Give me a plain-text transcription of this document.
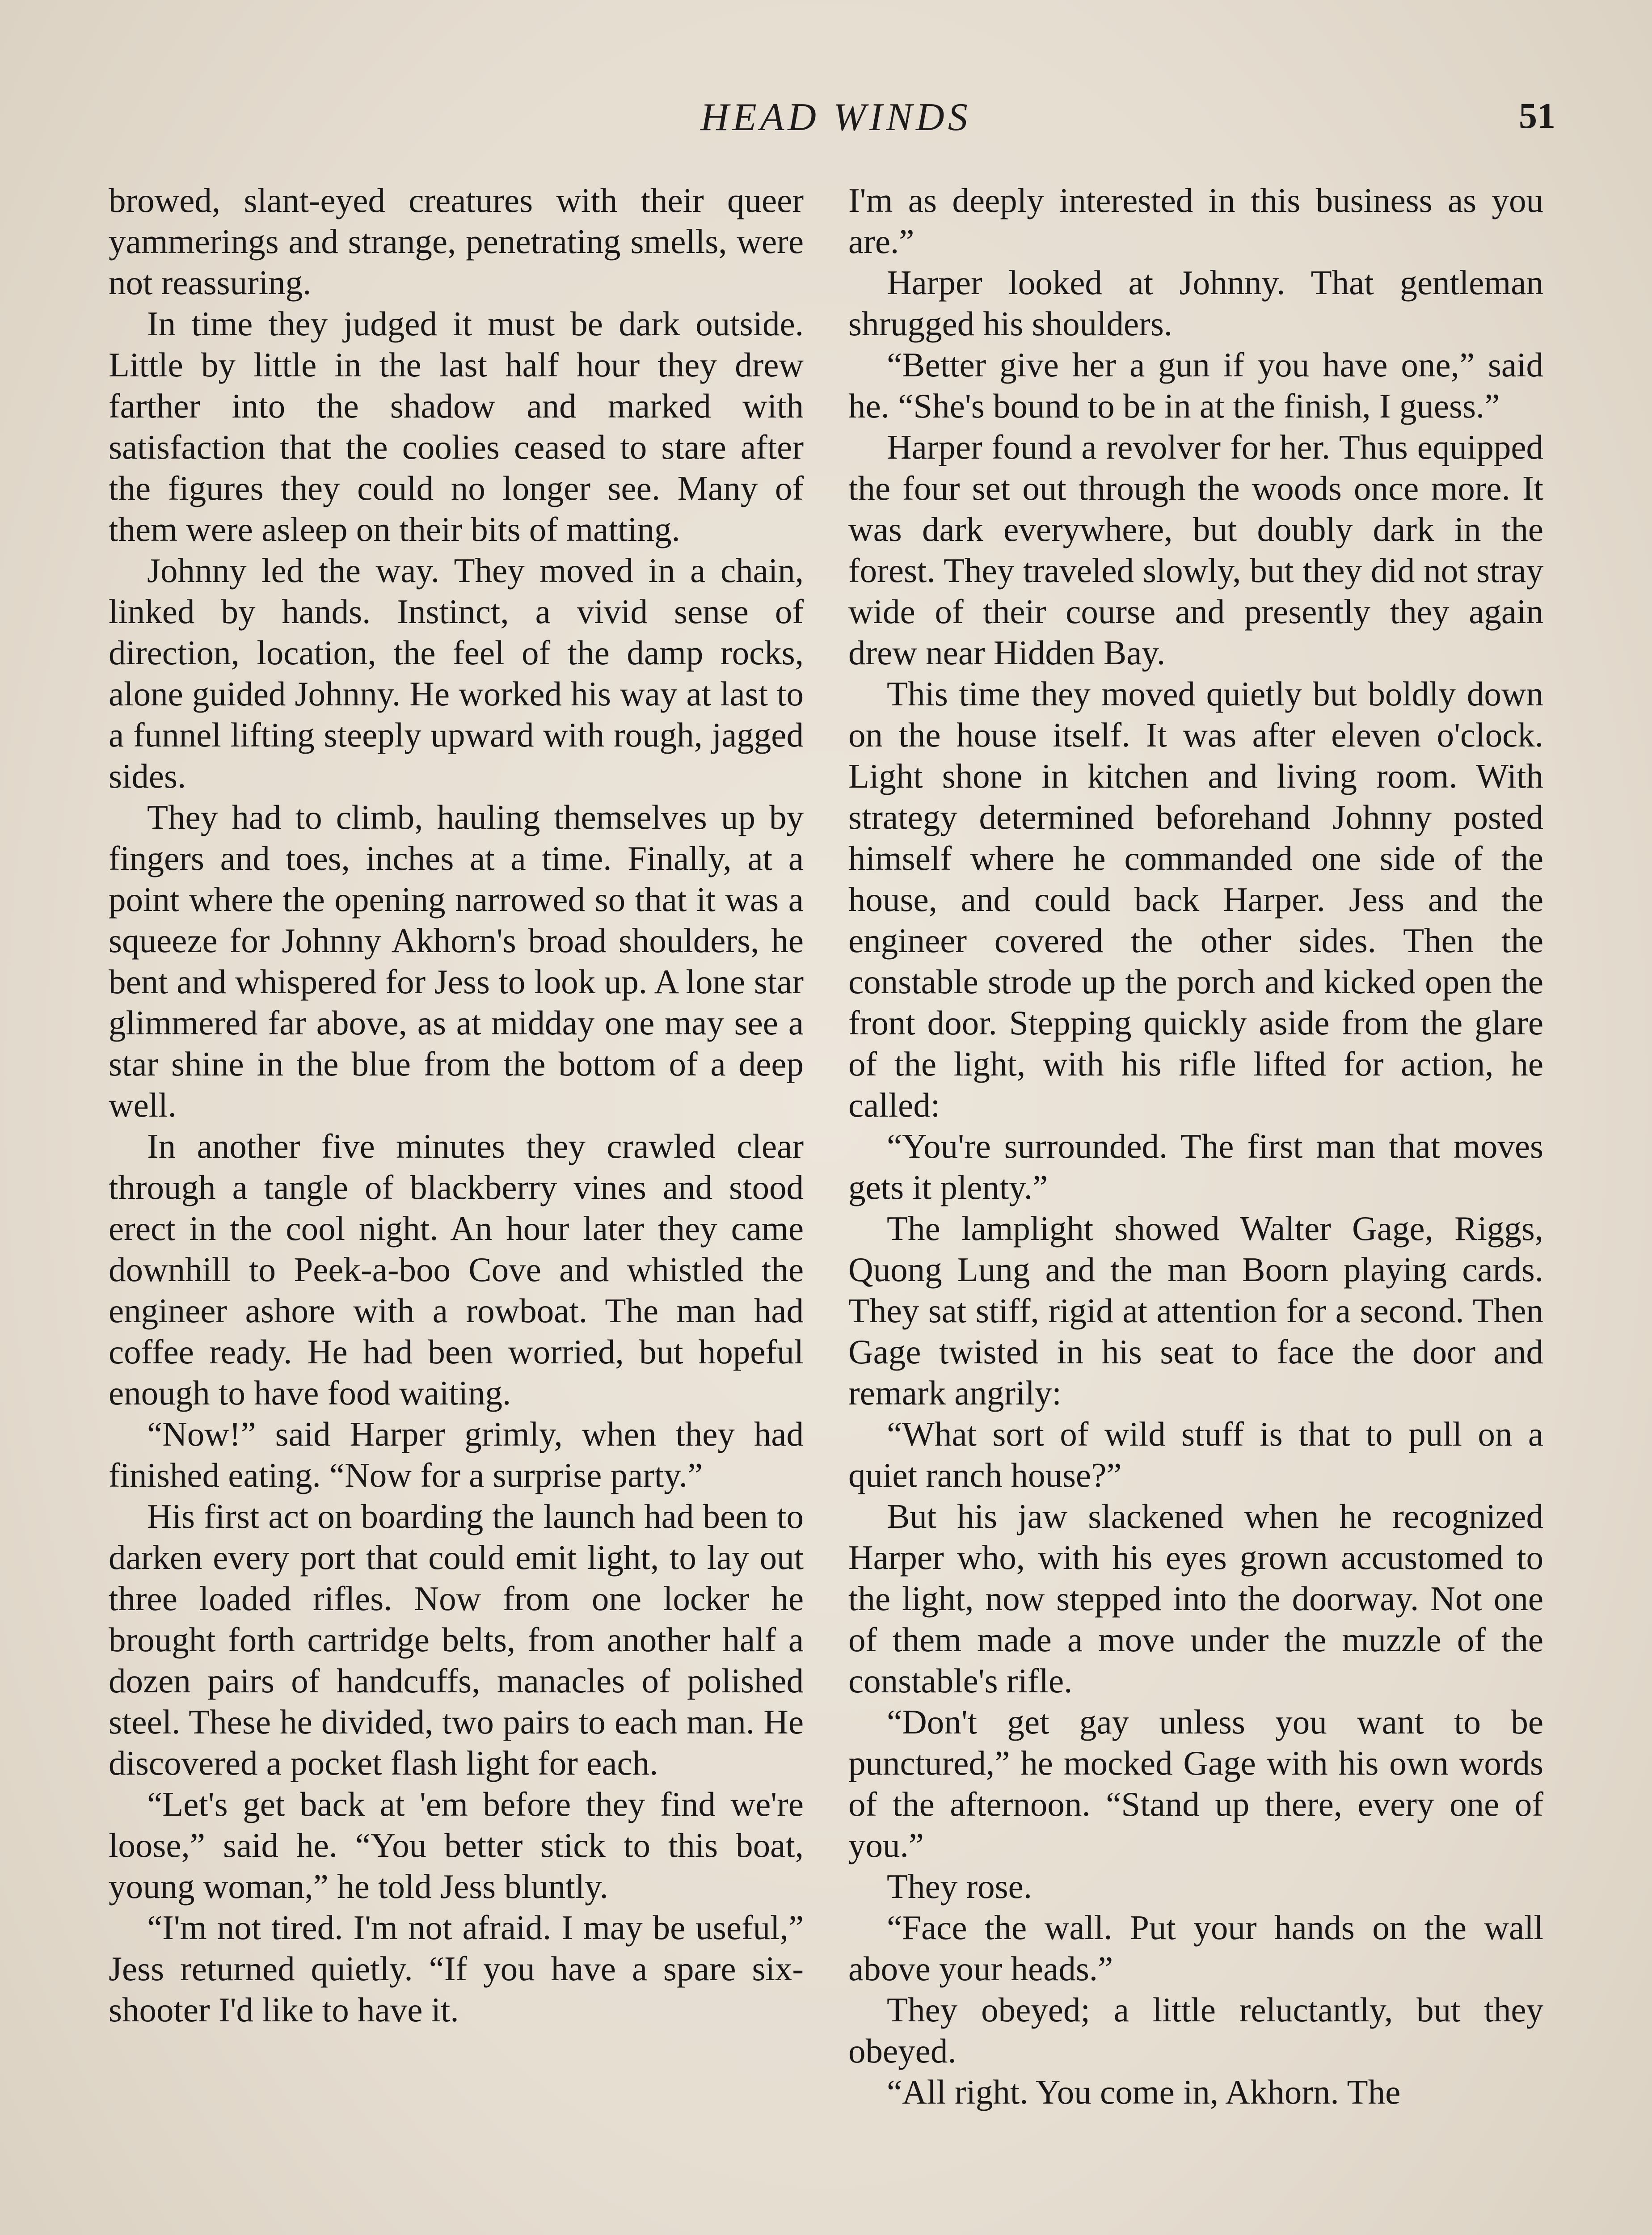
HEAD WINDS	51

browed, slant-eyed creatures with their queer yammerings and strange, penetrating smells, were not reassuring.

In time they judged it must be dark outside. Little by little in the last half hour they drew farther into the shadow and marked with satisfaction that the coolies ceased to stare after the figures they could no longer see. Many of them were asleep on their bits of matting.

Johnny led the way. They moved in a chain, linked by hands. Instinct, a vivid sense of direction, location, the feel of the damp rocks, alone guided Johnny. He worked his way at last to a funnel lifting steeply upward with rough, jagged sides.

They had to climb, hauling themselves up by fingers and toes, inches at a time. Finally, at a point where the opening narrowed so that it was a squeeze for Johnny Akhorn's broad shoulders, he bent and whispered for Jess to look up. A lone star glimmered far above, as at midday one may see a star shine in the blue from the bottom of a deep well.

In another five minutes they crawled clear through a tangle of blackberry vines and stood erect in the cool night. An hour later they came downhill to Peek-a-boo Cove and whistled the engineer ashore with a rowboat. The man had coffee ready. He had been worried, but hopeful enough to have food waiting.

“Now!” said Harper grimly, when they had finished eating. “Now for a surprise party.”

His first act on boarding the launch had been to darken every port that could emit light, to lay out three loaded rifles. Now from one locker he brought forth cartridge belts, from another half a dozen pairs of handcuffs, manacles of polished steel. These he divided, two pairs to each man. He discovered a pocket flash light for each.

“Let's get back at 'em before they find we're loose,” said he. “You better stick to this boat, young woman,” he told Jess bluntly.

“I'm not tired. I'm not afraid. I may be useful,” Jess returned quietly. “If you have a spare six-shooter I'd like to have it.

I'm as deeply interested in this business as you are.”

Harper looked at Johnny. That gentleman shrugged his shoulders.

“Better give her a gun if you have one,” said he. “She's bound to be in at the finish, I guess.”

Harper found a revolver for her. Thus equipped the four set out through the woods once more. It was dark everywhere, but doubly dark in the forest. They traveled slowly, but they did not stray wide of their course and presently they again drew near Hidden Bay.

This time they moved quietly but boldly down on the house itself. It was after eleven o'clock. Light shone in kitchen and living room. With strategy determined beforehand Johnny posted himself where he commanded one side of the house, and could back Harper. Jess and the engineer covered the other sides. Then the constable strode up the porch and kicked open the front door. Stepping quickly aside from the glare of the light, with his rifle lifted for action, he called:

“You're surrounded. The first man that moves gets it plenty.”

The lamplight showed Walter Gage, Riggs, Quong Lung and the man Boorn playing cards. They sat stiff, rigid at attention for a second. Then Gage twisted in his seat to face the door and remark angrily:

“What sort of wild stuff is that to pull on a quiet ranch house?”

But his jaw slackened when he recognized Harper who, with his eyes grown accustomed to the light, now stepped into the doorway. Not one of them made a move under the muzzle of the constable's rifle.

“Don't get gay unless you want to be punctured,” he mocked Gage with his own words of the afternoon. “Stand up there, every one of you.”

They rose.

“Face the wall. Put your hands on the wall above your heads.”

They obeyed; a little reluctantly, but they obeyed.

“All right. You come in, Akhorn. The
